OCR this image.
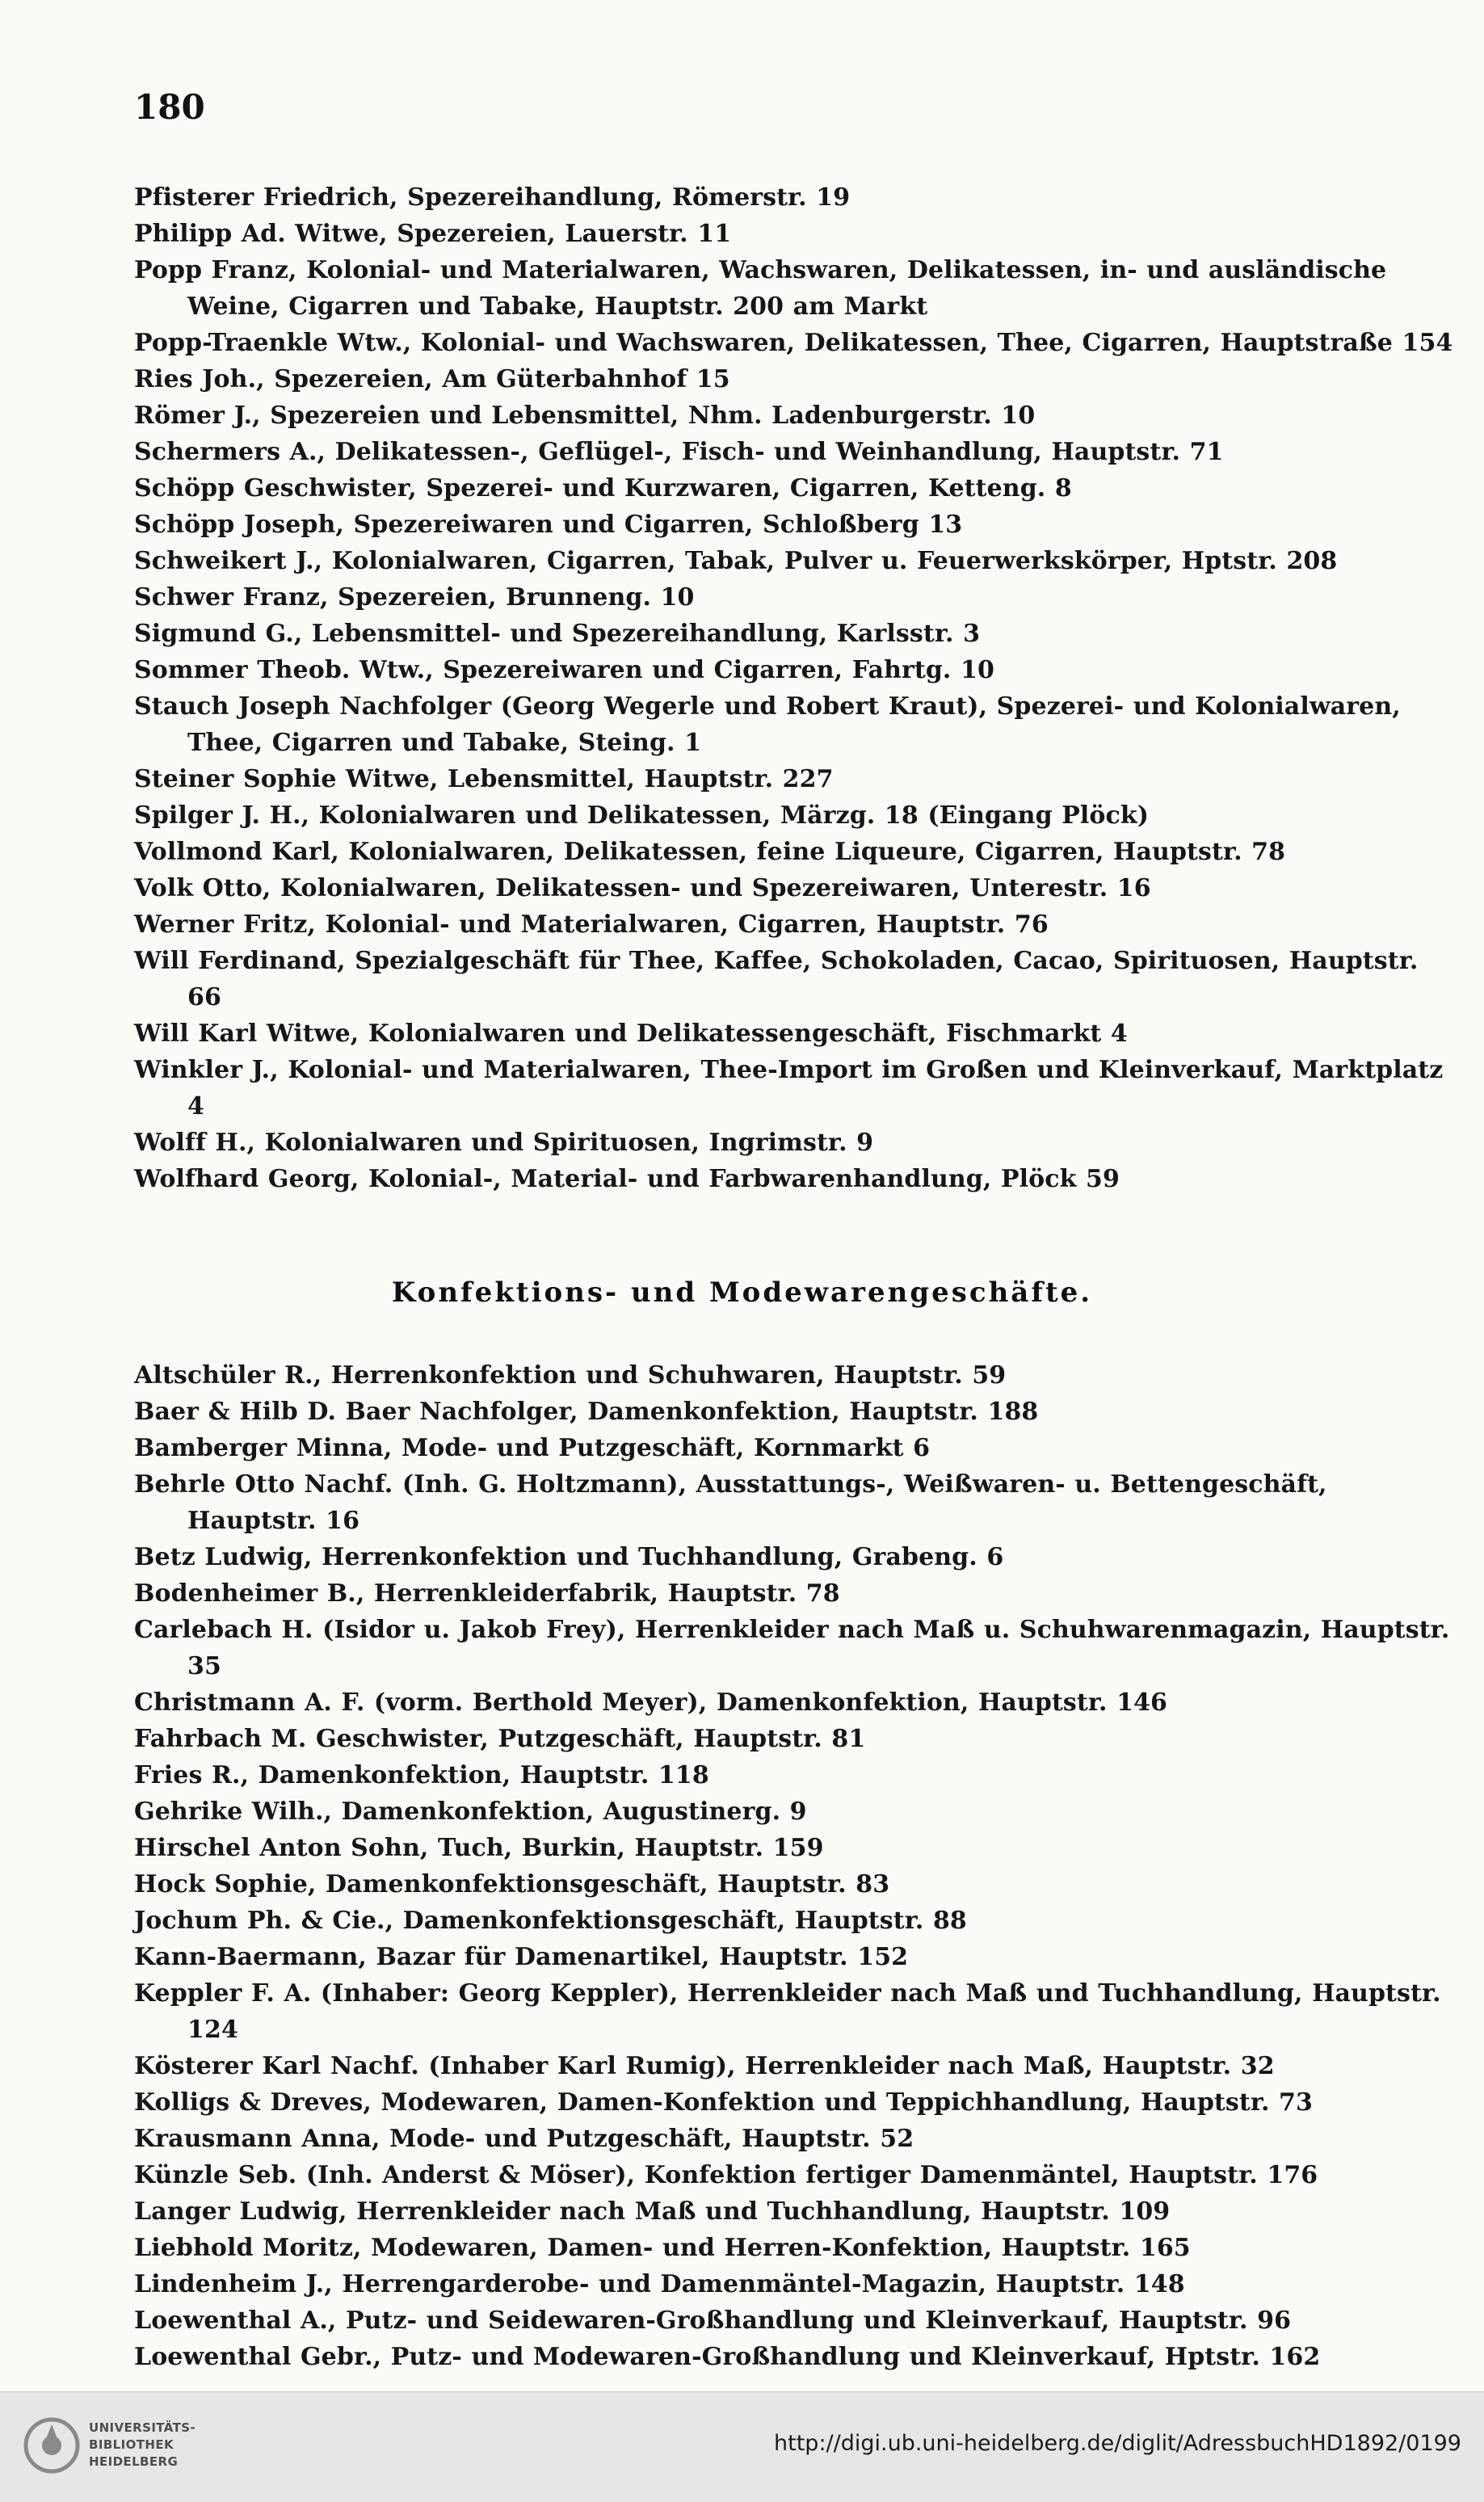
180
Pfisterer Friedrich, Spezereihandlung, Römerstr. 19
Philipp Ad. Witwe, Spezereien, Lauerstr. 11
Popp Franz, Kolonial- und Materialwaren, Wachswaren, Delikatessen, in- und ausländische Weine, Cigarren und Tabake, Hauptstr. 200 am Markt
Popp-Traenkle Wtw., Kolonial- und Wachswaren, Delikatessen, Thee, Cigarren, Hauptstraße 154
Ries Joh., Spezereien, Am Güterbahnhof 15
Römer J., Spezereien und Lebensmittel, Nhm. Ladenburgerstr. 10
Schermers A., Delikatessen-, Geflügel-, Fisch- und Weinhandlung, Hauptstr. 71
Schöpp Geschwister, Spezerei- und Kurzwaren, Cigarren, Ketteng. 8
Schöpp Joseph, Spezereiwaren und Cigarren, Schloßberg 13
Schweikert J., Kolonialwaren, Cigarren, Tabak, Pulver u. Feuerwerkskörper, Hptstr. 208
Schwer Franz, Spezereien, Brunneng. 10
Sigmund G., Lebensmittel- und Spezereihandlung, Karlsstr. 3
Sommer Theob. Wtw., Spezereiwaren und Cigarren, Fahrtg. 10
Stauch Joseph Nachfolger (Georg Wegerle und Robert Kraut), Spezerei- und Kolonialwaren, Thee, Cigarren und Tabake, Steing. 1
Steiner Sophie Witwe, Lebensmittel, Hauptstr. 227
Spilger J. H., Kolonialwaren und Delikatessen, Märzg. 18 (Eingang Plöck)
Vollmond Karl, Kolonialwaren, Delikatessen, feine Liqueure, Cigarren, Hauptstr. 78
Volk Otto, Kolonialwaren, Delikatessen- und Spezereiwaren, Unterestr. 16
Werner Fritz, Kolonial- und Materialwaren, Cigarren, Hauptstr. 76
Will Ferdinand, Spezialgeschäft für Thee, Kaffee, Schokoladen, Cacao, Spirituosen, Hauptstr. 66
Will Karl Witwe, Kolonialwaren und Delikatessengeschäft, Fischmarkt 4
Winkler J., Kolonial- und Materialwaren, Thee-Import im Großen und Kleinverkauf, Marktplatz 4
Wolff H., Kolonialwaren und Spirituosen, Ingrimstr. 9
Wolfhard Georg, Kolonial-, Material- und Farbwarenhandlung, Plöck 59
Konfektions- und Modewarengeschäfte.
Altschüler R., Herrenkonfektion und Schuhwaren, Hauptstr. 59
Baer & Hilb D. Baer Nachfolger, Damenkonfektion, Hauptstr. 188
Bamberger Minna, Mode- und Putzgeschäft, Kornmarkt 6
Behrle Otto Nachf. (Inh. G. Holtzmann), Ausstattungs-, Weißwaren- u. Bettengeschäft, Hauptstr. 16
Betz Ludwig, Herrenkonfektion und Tuchhandlung, Grabeng. 6
Bodenheimer B., Herrenkleiderfabrik, Hauptstr. 78
Carlebach H. (Isidor u. Jakob Frey), Herrenkleider nach Maß u. Schuhwarenmagazin, Hauptstr. 35
Christmann A. F. (vorm. Berthold Meyer), Damenkonfektion, Hauptstr. 146
Fahrbach M. Geschwister, Putzgeschäft, Hauptstr. 81
Fries R., Damenkonfektion, Hauptstr. 118
Gehrike Wilh., Damenkonfektion, Augustinerg. 9
Hirschel Anton Sohn, Tuch, Burkin, Hauptstr. 159
Hock Sophie, Damenkonfektionsgeschäft, Hauptstr. 83
Jochum Ph. & Cie., Damenkonfektionsgeschäft, Hauptstr. 88
Kann-Baermann, Bazar für Damenartikel, Hauptstr. 152
Keppler F. A. (Inhaber: Georg Keppler), Herrenkleider nach Maß und Tuchhandlung, Hauptstr. 124
Kösterer Karl Nachf. (Inhaber Karl Rumig), Herrenkleider nach Maß, Hauptstr. 32
Kolligs & Dreves, Modewaren, Damen-Konfektion und Teppichhandlung, Hauptstr. 73
Krausmann Anna, Mode- und Putzgeschäft, Hauptstr. 52
Künzle Seb. (Inh. Anderst & Möser), Konfektion fertiger Damenmäntel, Hauptstr. 176
Langer Ludwig, Herrenkleider nach Maß und Tuchhandlung, Hauptstr. 109
Liebhold Moritz, Modewaren, Damen- und Herren-Konfektion, Hauptstr. 165
Lindenheim J., Herrengarderobe- und Damenmäntel-Magazin, Hauptstr. 148
Loewenthal A., Putz- und Seidewaren-Großhandlung und Kleinverkauf, Hauptstr. 96
Loewenthal Gebr., Putz- und Modewaren-Großhandlung und Kleinverkauf, Hptstr. 162
UNIVERSITÄTS-
BIBLIOTHEK
HEIDELBERG
http://digi.ub.uni-heidelberg.de/diglit/AdressbuchHD1892/0199
